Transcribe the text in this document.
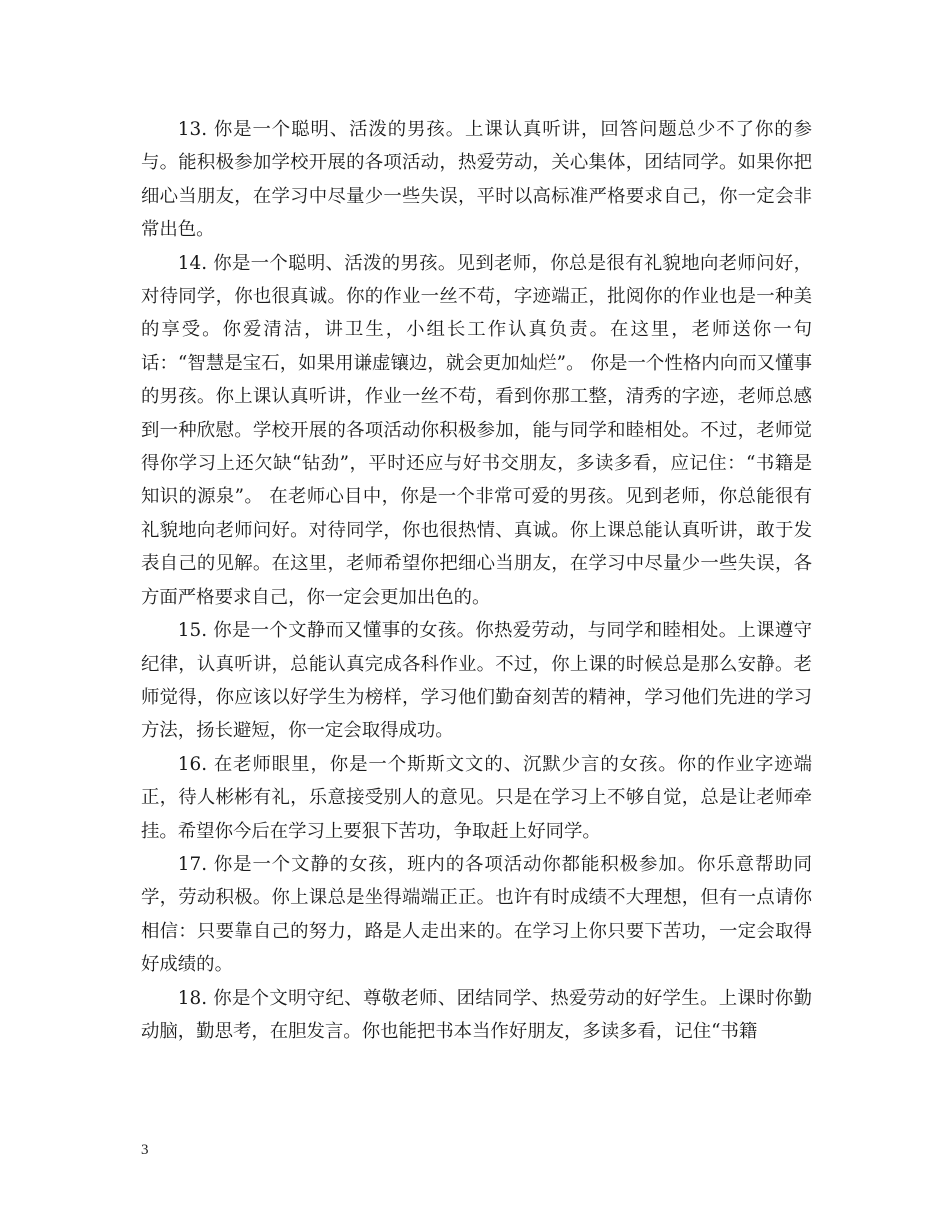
13. 你是一个聪明、活泼的男孩。上课认真听讲，回答问题总少不了你的参与。能积极参加学校开展的各项活动，热爱劳动，关心集体，团结同学。如果你把细心当朋友，在学习中尽量少一些失误，平时以高标准严格要求自己，你一定会非常出色。

14. 你是一个聪明、活泼的男孩。见到老师，你总是很有礼貌地向老师问好，对待同学，你也很真诚。你的作业一丝不苟，字迹端正，批阅你的作业也是一种美的享受。你爱清洁，讲卫生，小组长工作认真负责。在这里，老师送你一句话：“智慧是宝石，如果用谦虚镶边，就会更加灿烂”。 你是一个性格内向而又懂事的男孩。你上课认真听讲，作业一丝不苟，看到你那工整，清秀的字迹，老师总感到一种欣慰。学校开展的各项活动你积极参加，能与同学和睦相处。不过，老师觉得你学习上还欠缺“钻劲”，平时还应与好书交朋友，多读多看，应记住：“书籍是知识的源泉”。 在老师心目中，你是一个非常可爱的男孩。见到老师，你总能很有礼貌地向老师问好。对待同学，你也很热情、真诚。你上课总能认真听讲，敢于发表自己的见解。在这里，老师希望你把细心当朋友，在学习中尽量少一些失误，各方面严格要求自己，你一定会更加出色的。

15. 你是一个文静而又懂事的女孩。你热爱劳动，与同学和睦相处。上课遵守纪律，认真听讲，总能认真完成各科作业。不过，你上课的时候总是那么安静。老师觉得，你应该以好学生为榜样，学习他们勤奋刻苦的精神，学习他们先进的学习方法，扬长避短，你一定会取得成功。

16. 在老师眼里，你是一个斯斯文文的、沉默少言的女孩。你的作业字迹端正，待人彬彬有礼，乐意接受别人的意见。只是在学习上不够自觉，总是让老师牵挂。希望你今后在学习上要狠下苦功，争取赶上好同学。

17. 你是一个文静的女孩，班内的各项活动你都能积极参加。你乐意帮助同学，劳动积极。你上课总是坐得端端正正。也许有时成绩不大理想，但有一点请你相信：只要靠自己的努力，路是人走出来的。在学习上你只要下苦功，一定会取得好成绩的。

18. 你是个文明守纪、尊敬老师、团结同学、热爱劳动的好学生。上课时你勤动脑，勤思考，在胆发言。你也能把书本当作好朋友，多读多看，记住“书籍

3
